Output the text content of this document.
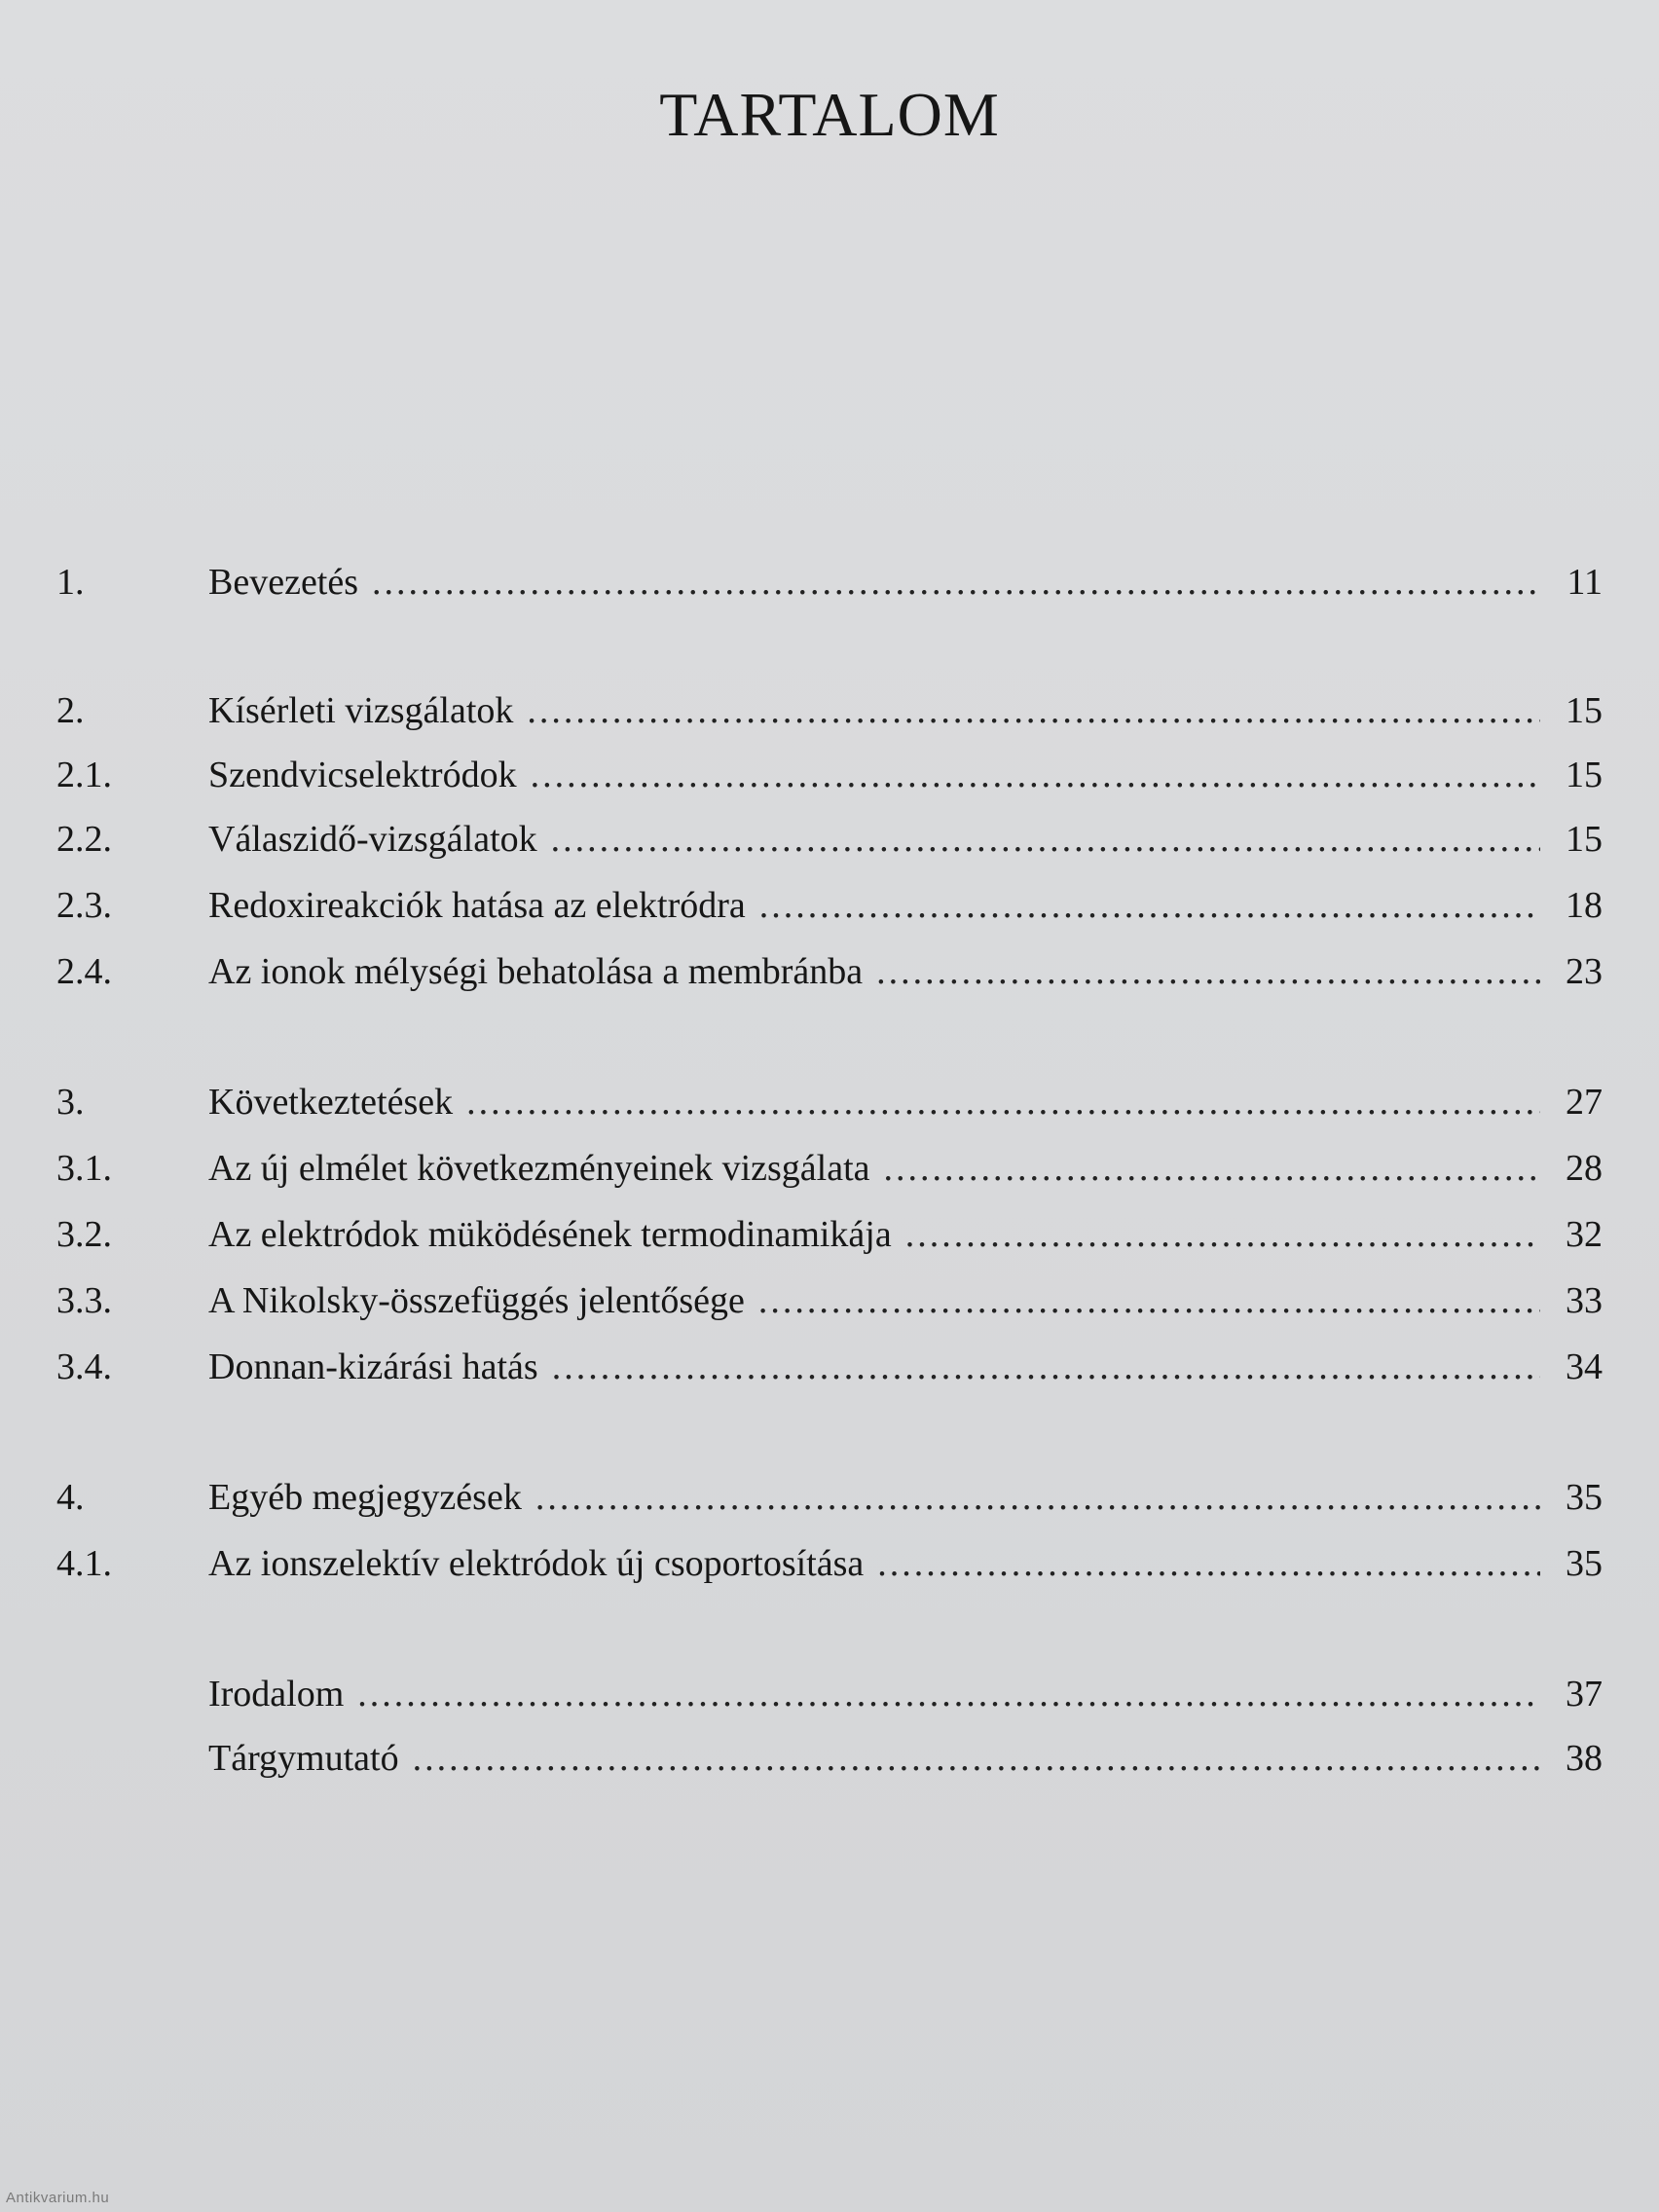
TARTALOM
1.	Bevezetés .....	11
2.	Kísérleti vizsgálatok .....	15
2.1.	Szendvicselektródok .....	15
2.2.	Válaszidő-vizsgálatok .....	15
2.3.	Redoxireakciók hatása az elektródra .....	18
2.4.	Az ionok mélységi behatolása a membránba .....	23
3.	Következtetések .....	27
3.1.	Az új elmélet következményeinek vizsgálata .....	28
3.2.	Az elektródok müködésének termodinamikája .....	32
3.3.	A Nikolsky-összefüggés jelentősége .....	33
3.4.	Donnan-kizárási hatás .....	34
4.	Egyéb megjegyzések .....	35
4.1.	Az ionszelektív elektródok új csoportosítása .....	35
Irodalom .....	37
Tárgymutató .....	38
Antikvarium.hu
